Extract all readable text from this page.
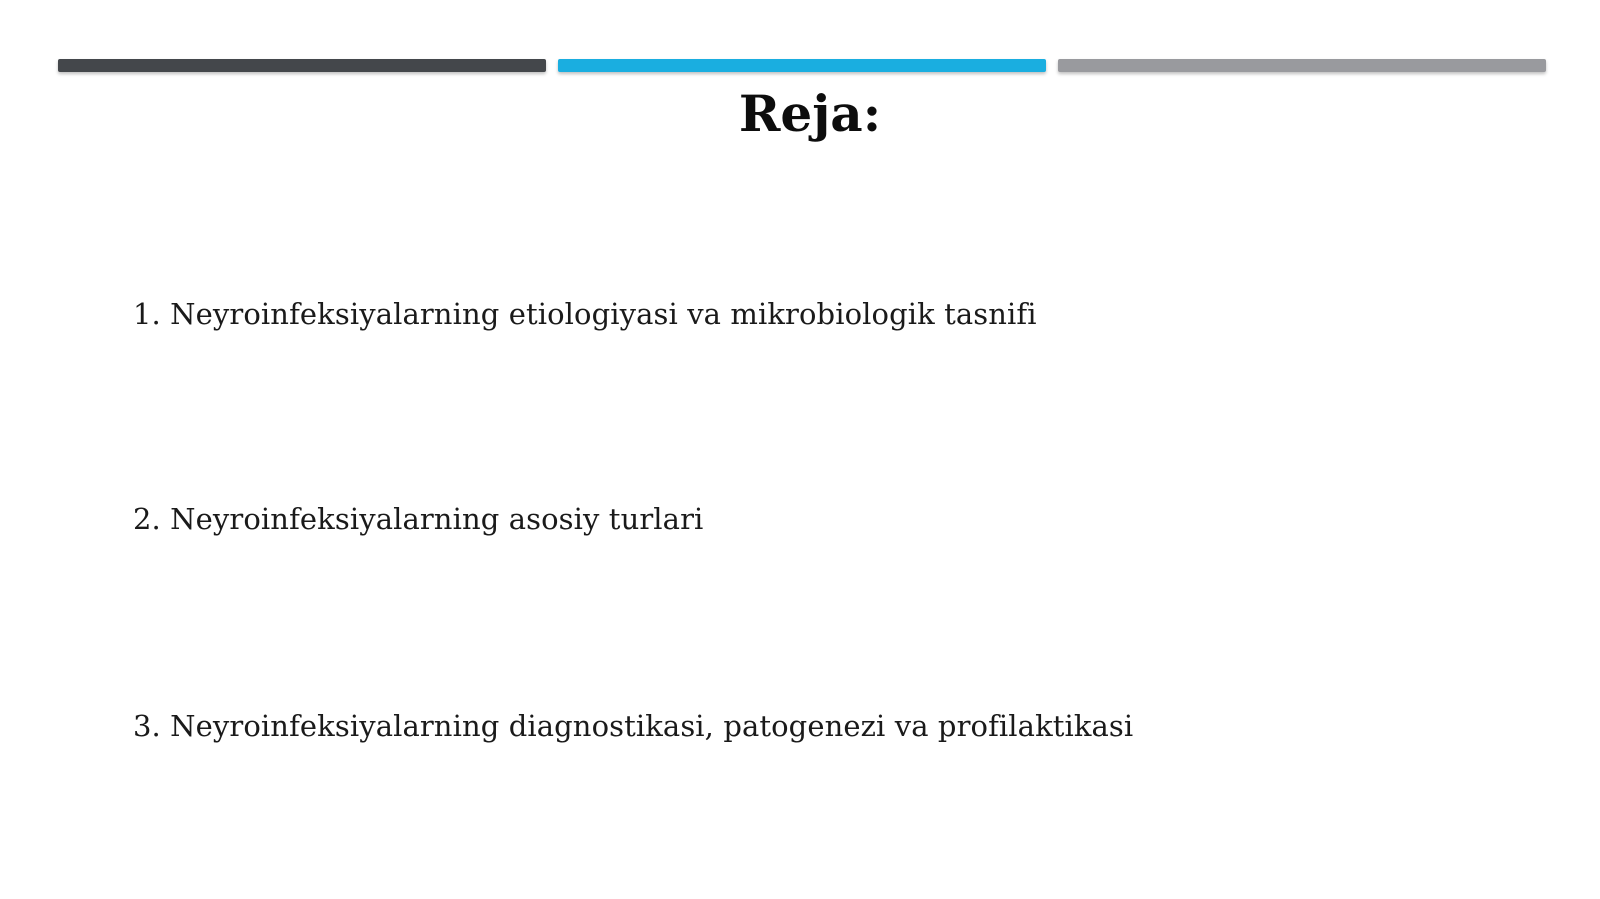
Reja:
1. Neyroinfeksiyalarning etiologiyasi va mikrobiologik tasnifi
2. Neyroinfeksiyalarning asosiy turlari
3. Neyroinfeksiyalarning diagnostikasi, patogenezi va profilaktikasi
